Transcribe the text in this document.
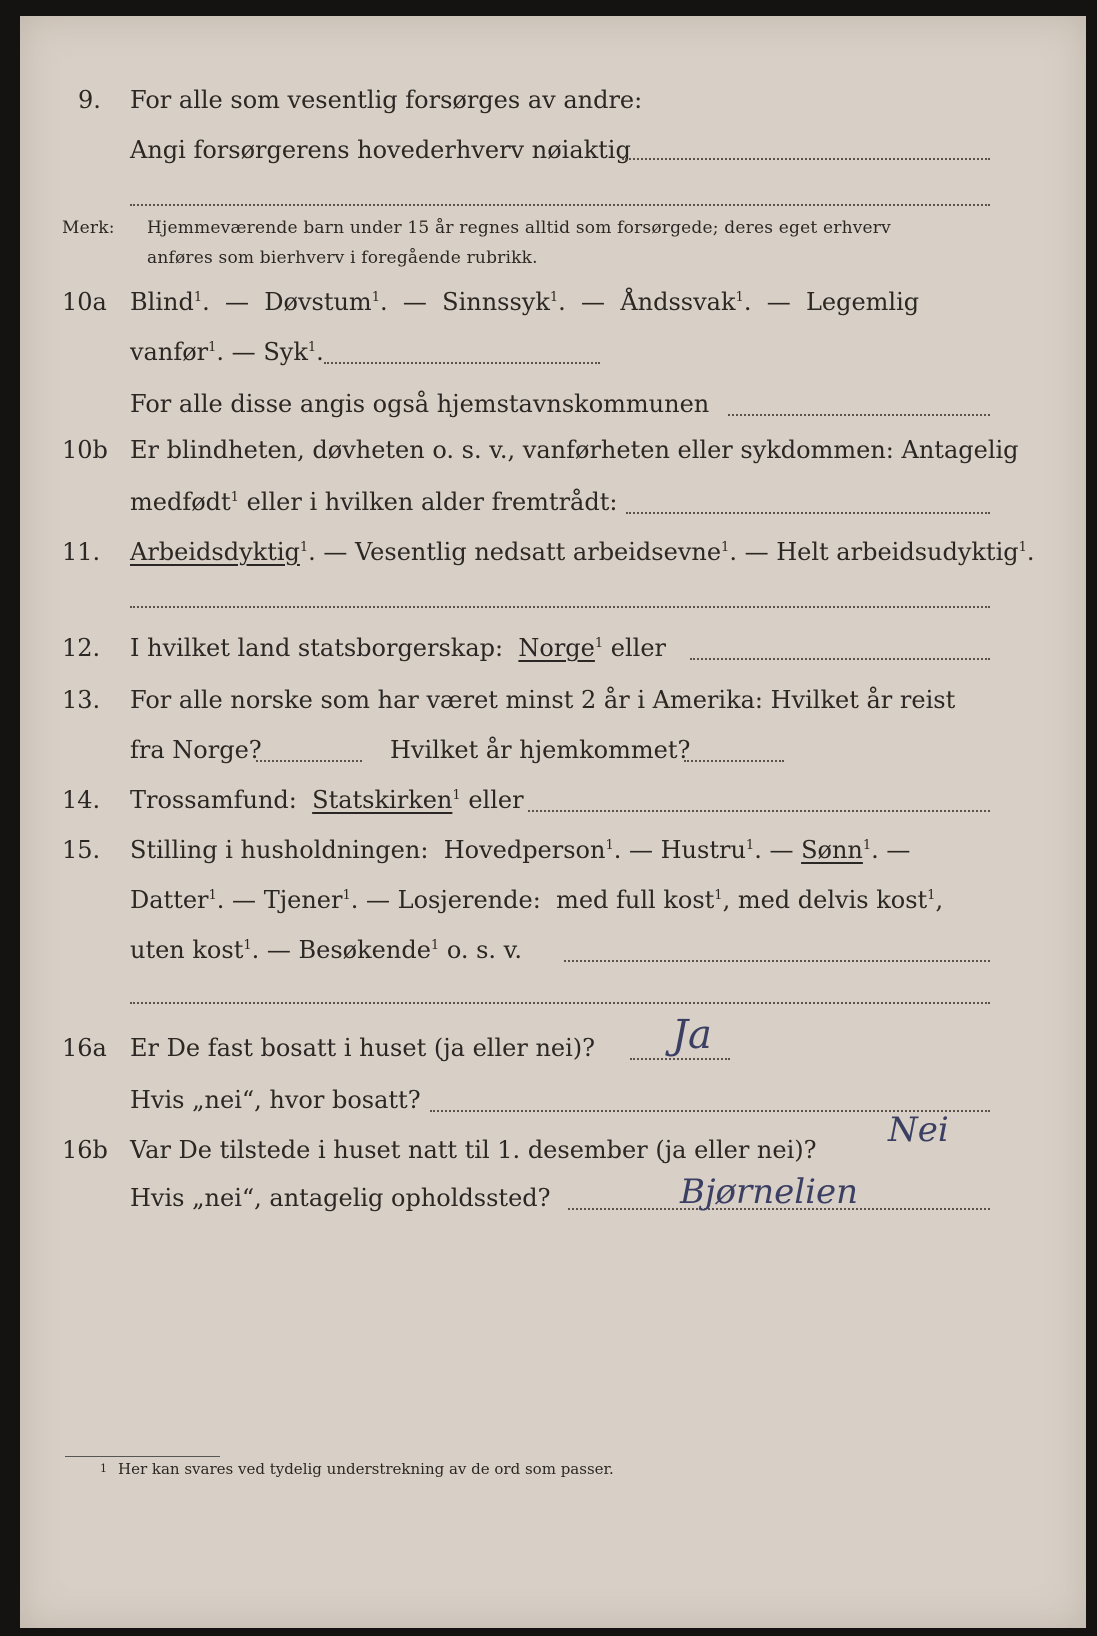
9. For alle som vesentlig forsørges av andre:
Angi forsørgerens hovederhverv nøiaktig
Merk: Hjemmeværende barn under 15 år regnes alltid som forsørgede; deres eget erhverv
anføres som bierhverv i foregående rubrikk.
10a Blind$^1$.  —  Døvstum$^1$.  —  Sinnssyk$^1$.  —  Åndssvak$^1$.  —  Legemlig
vanfør$^1$. — Syk$^1$.
For alle disse angis også hjemstavnskommunen
10b Er blindheten, døvheten o. s. v., vanførheten eller sykdommen: Antagelig
medfødt$^1$ eller i hvilken alder fremtrådt:
11. Arbeidsdyktig$^1$. — Vesentlig nedsatt arbeidsevne$^1$. — Helt arbeidsudyktig$^1$.
12. I hvilket land statsborgerskap: Norge$^1$ eller
13. For alle norske som har været minst 2 år i Amerika: Hvilket år reist
fra Norge?	Hvilket år hjemkommet?
14. Trossamfund: Statskirken$^1$ eller
15. Stilling i husholdningen: Hovedperson$^1$. — Hustru$^1$. — Sønn$^1$. —
Datter$^1$. — Tjener$^1$. — Losjerende: med full kost$^1$, med delvis kost$^1$,
uten kost$^1$. — Besøkende$^1$ o. s. v.
16a Er De fast bosatt i huset (ja eller nei)? Ja
Hvis „nei“, hvor bosatt?
16b Var De tilstede i huset natt til 1. desember (ja eller nei)? Nei
Hvis „nei“, antagelig opholdssted?	Bjørnelien
1 Her kan svares ved tydelig understrekning av de ord som passer.
